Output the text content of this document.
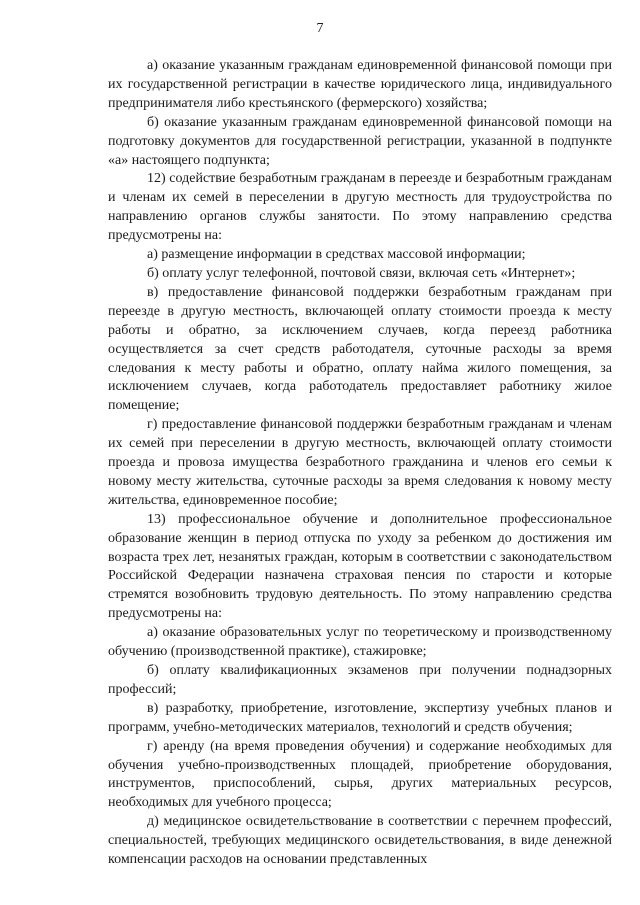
7

а) оказание указанным гражданам единовременной финансовой помощи при их государственной регистрации в качестве юридического лица, индивидуального предпринимателя либо крестьянского (фермерского) хозяйства;

б) оказание указанным гражданам единовременной финансовой помощи на подготовку документов для государственной регистрации, указанной в подпункте «а» настоящего подпункта;

12) содействие безработным гражданам в переезде и безработным гражданам и членам их семей в переселении в другую местность для трудоустройства по направлению органов службы занятости. По этому направлению средства предусмотрены на:

а) размещение информации в средствах массовой информации;

б) оплату услуг телефонной, почтовой связи, включая сеть «Интернет»;

в) предоставление финансовой поддержки безработным гражданам при переезде в другую местность, включающей оплату стоимости проезда к месту работы и обратно, за исключением случаев, когда переезд работника осуществляется за счет средств работодателя, суточные расходы за время следования к месту работы и обратно, оплату найма жилого помещения, за исключением случаев, когда работодатель предоставляет работнику жилое помещение;

г) предоставление финансовой поддержки безработным гражданам и членам их семей при переселении в другую местность, включающей оплату стоимости проезда и провоза имущества безработного гражданина и членов его семьи к новому месту жительства, суточные расходы за время следования к новому месту жительства, единовременное пособие;

13) профессиональное обучение и дополнительное профессиональное образование женщин в период отпуска по уходу за ребенком до достижения им возраста трех лет, незанятых граждан, которым в соответствии с законодательством Российской Федерации назначена страховая пенсия по старости и которые стремятся возобновить трудовую деятельность. По этому направлению средства предусмотрены на:

а) оказание образовательных услуг по теоретическому и производственному обучению (производственной практике), стажировке;

б) оплату квалификационных экзаменов при получении поднадзорных профессий;

в) разработку, приобретение, изготовление, экспертизу учебных планов и программ, учебно-методических материалов, технологий и средств обучения;

г) аренду (на время проведения обучения) и содержание необходимых для обучения учебно-производственных площадей, приобретение оборудования, инструментов, приспособлений, сырья, других материальных ресурсов, необходимых для учебного процесса;

д) медицинское освидетельствование в соответствии с перечнем профессий, специальностей, требующих медицинского освидетельствования, в виде денежной компенсации расходов на основании представленных
